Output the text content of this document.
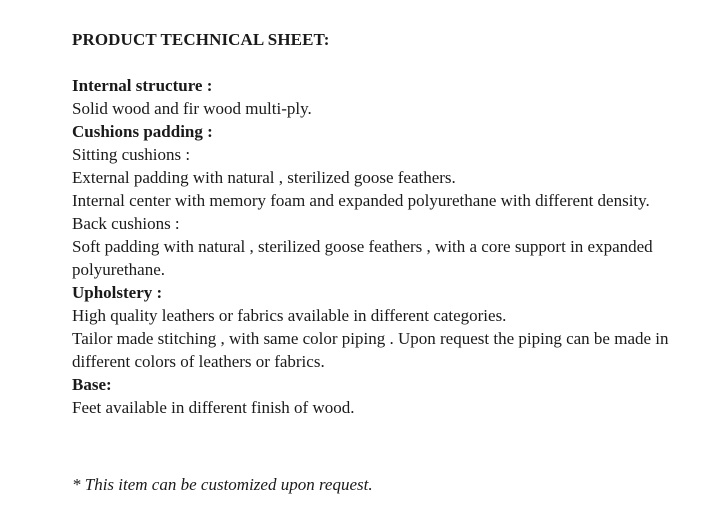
PRODUCT TECHNICAL SHEET:

Internal structure :

Solid wood and fir wood multi-ply.

Cushions padding :

Sitting cushions :

External padding with natural , sterilized goose feathers.

Internal center with memory foam and expanded polyurethane with different density.

Back cushions :

Soft padding with natural , sterilized goose feathers , with a core support in expanded polyurethane.

Upholstery :

High quality leathers or fabrics available in different categories.

Tailor made stitching , with same color piping . Upon request the piping can be made in different colors of leathers or fabrics.

Base:

Feet available in different finish of wood.

* This item can be customized upon request.
